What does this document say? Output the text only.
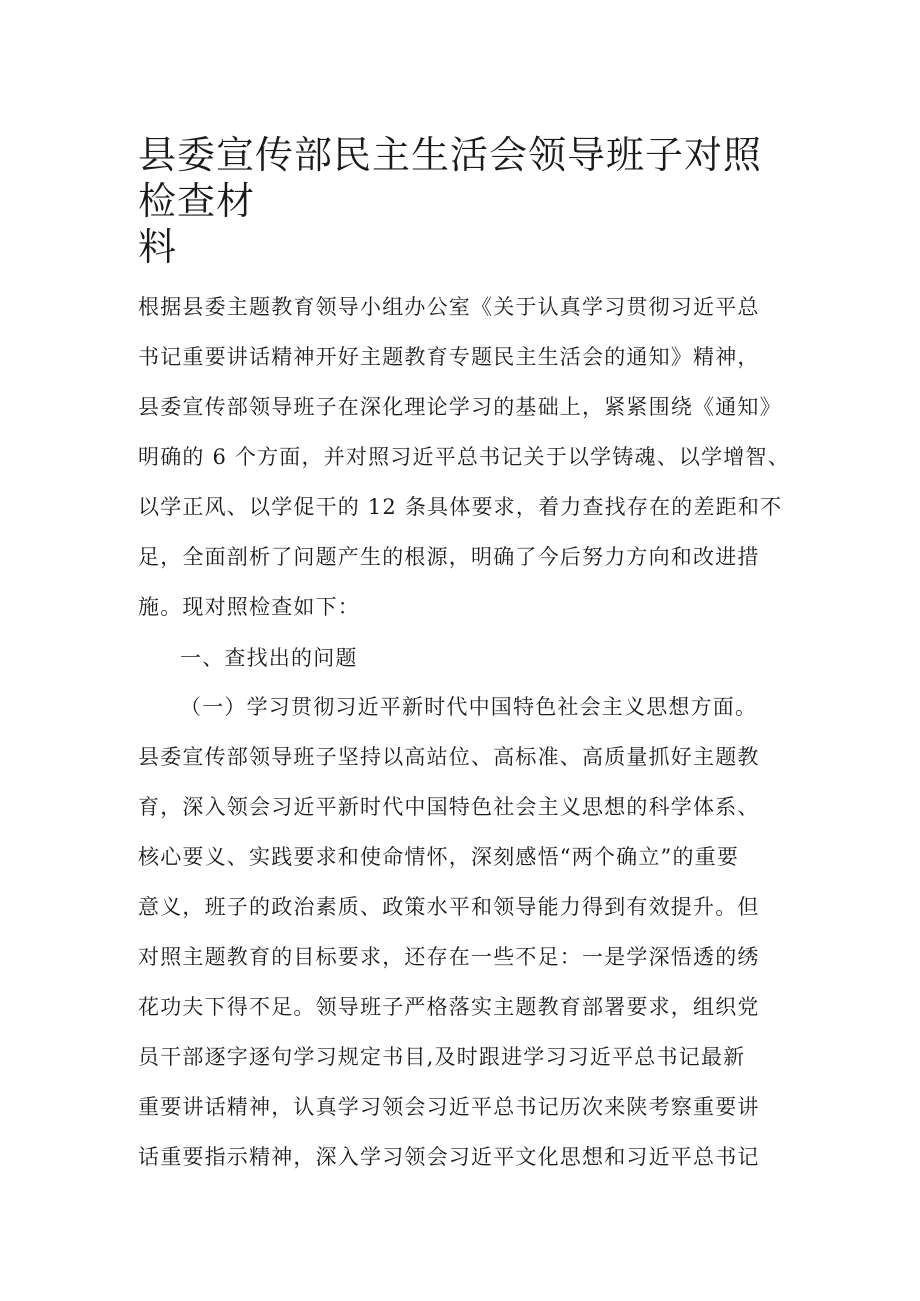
县委宣传部民主生活会领导班子对照检查材
料

根据县委主题教育领导小组办公室《关于认真学习贯彻习近平总

书记重要讲话精神开好主题教育专题民主生活会的通知》精神，

县委宣传部领导班子在深化理论学习的基础上，紧紧围绕《通知》

明确的 6 个方面，并对照习近平总书记关于以学铸魂、以学增智、

以学正风、以学促干的 12 条具体要求，着力查找存在的差距和不

足，全面剖析了问题产生的根源，明确了今后努力方向和改进措

施。现对照检查如下：

一、查找出的问题

（一）学习贯彻习近平新时代中国特色社会主义思想方面。

县委宣传部领导班子坚持以高站位、高标准、高质量抓好主题教

育，深入领会习近平新时代中国特色社会主义思想的科学体系、

核心要义、实践要求和使命情怀，深刻感悟“两个确立”的重要

意义，班子的政治素质、政策水平和领导能力得到有效提升。但

对照主题教育的目标要求，还存在一些不足：一是学深悟透的绣

花功夫下得不足。领导班子严格落实主题教育部署要求，组织党

员干部逐字逐句学习规定书目,及时跟进学习习近平总书记最新

重要讲话精神，认真学习领会习近平总书记历次来陕考察重要讲

话重要指示精神，深入学习领会习近平文化思想和习近平总书记
